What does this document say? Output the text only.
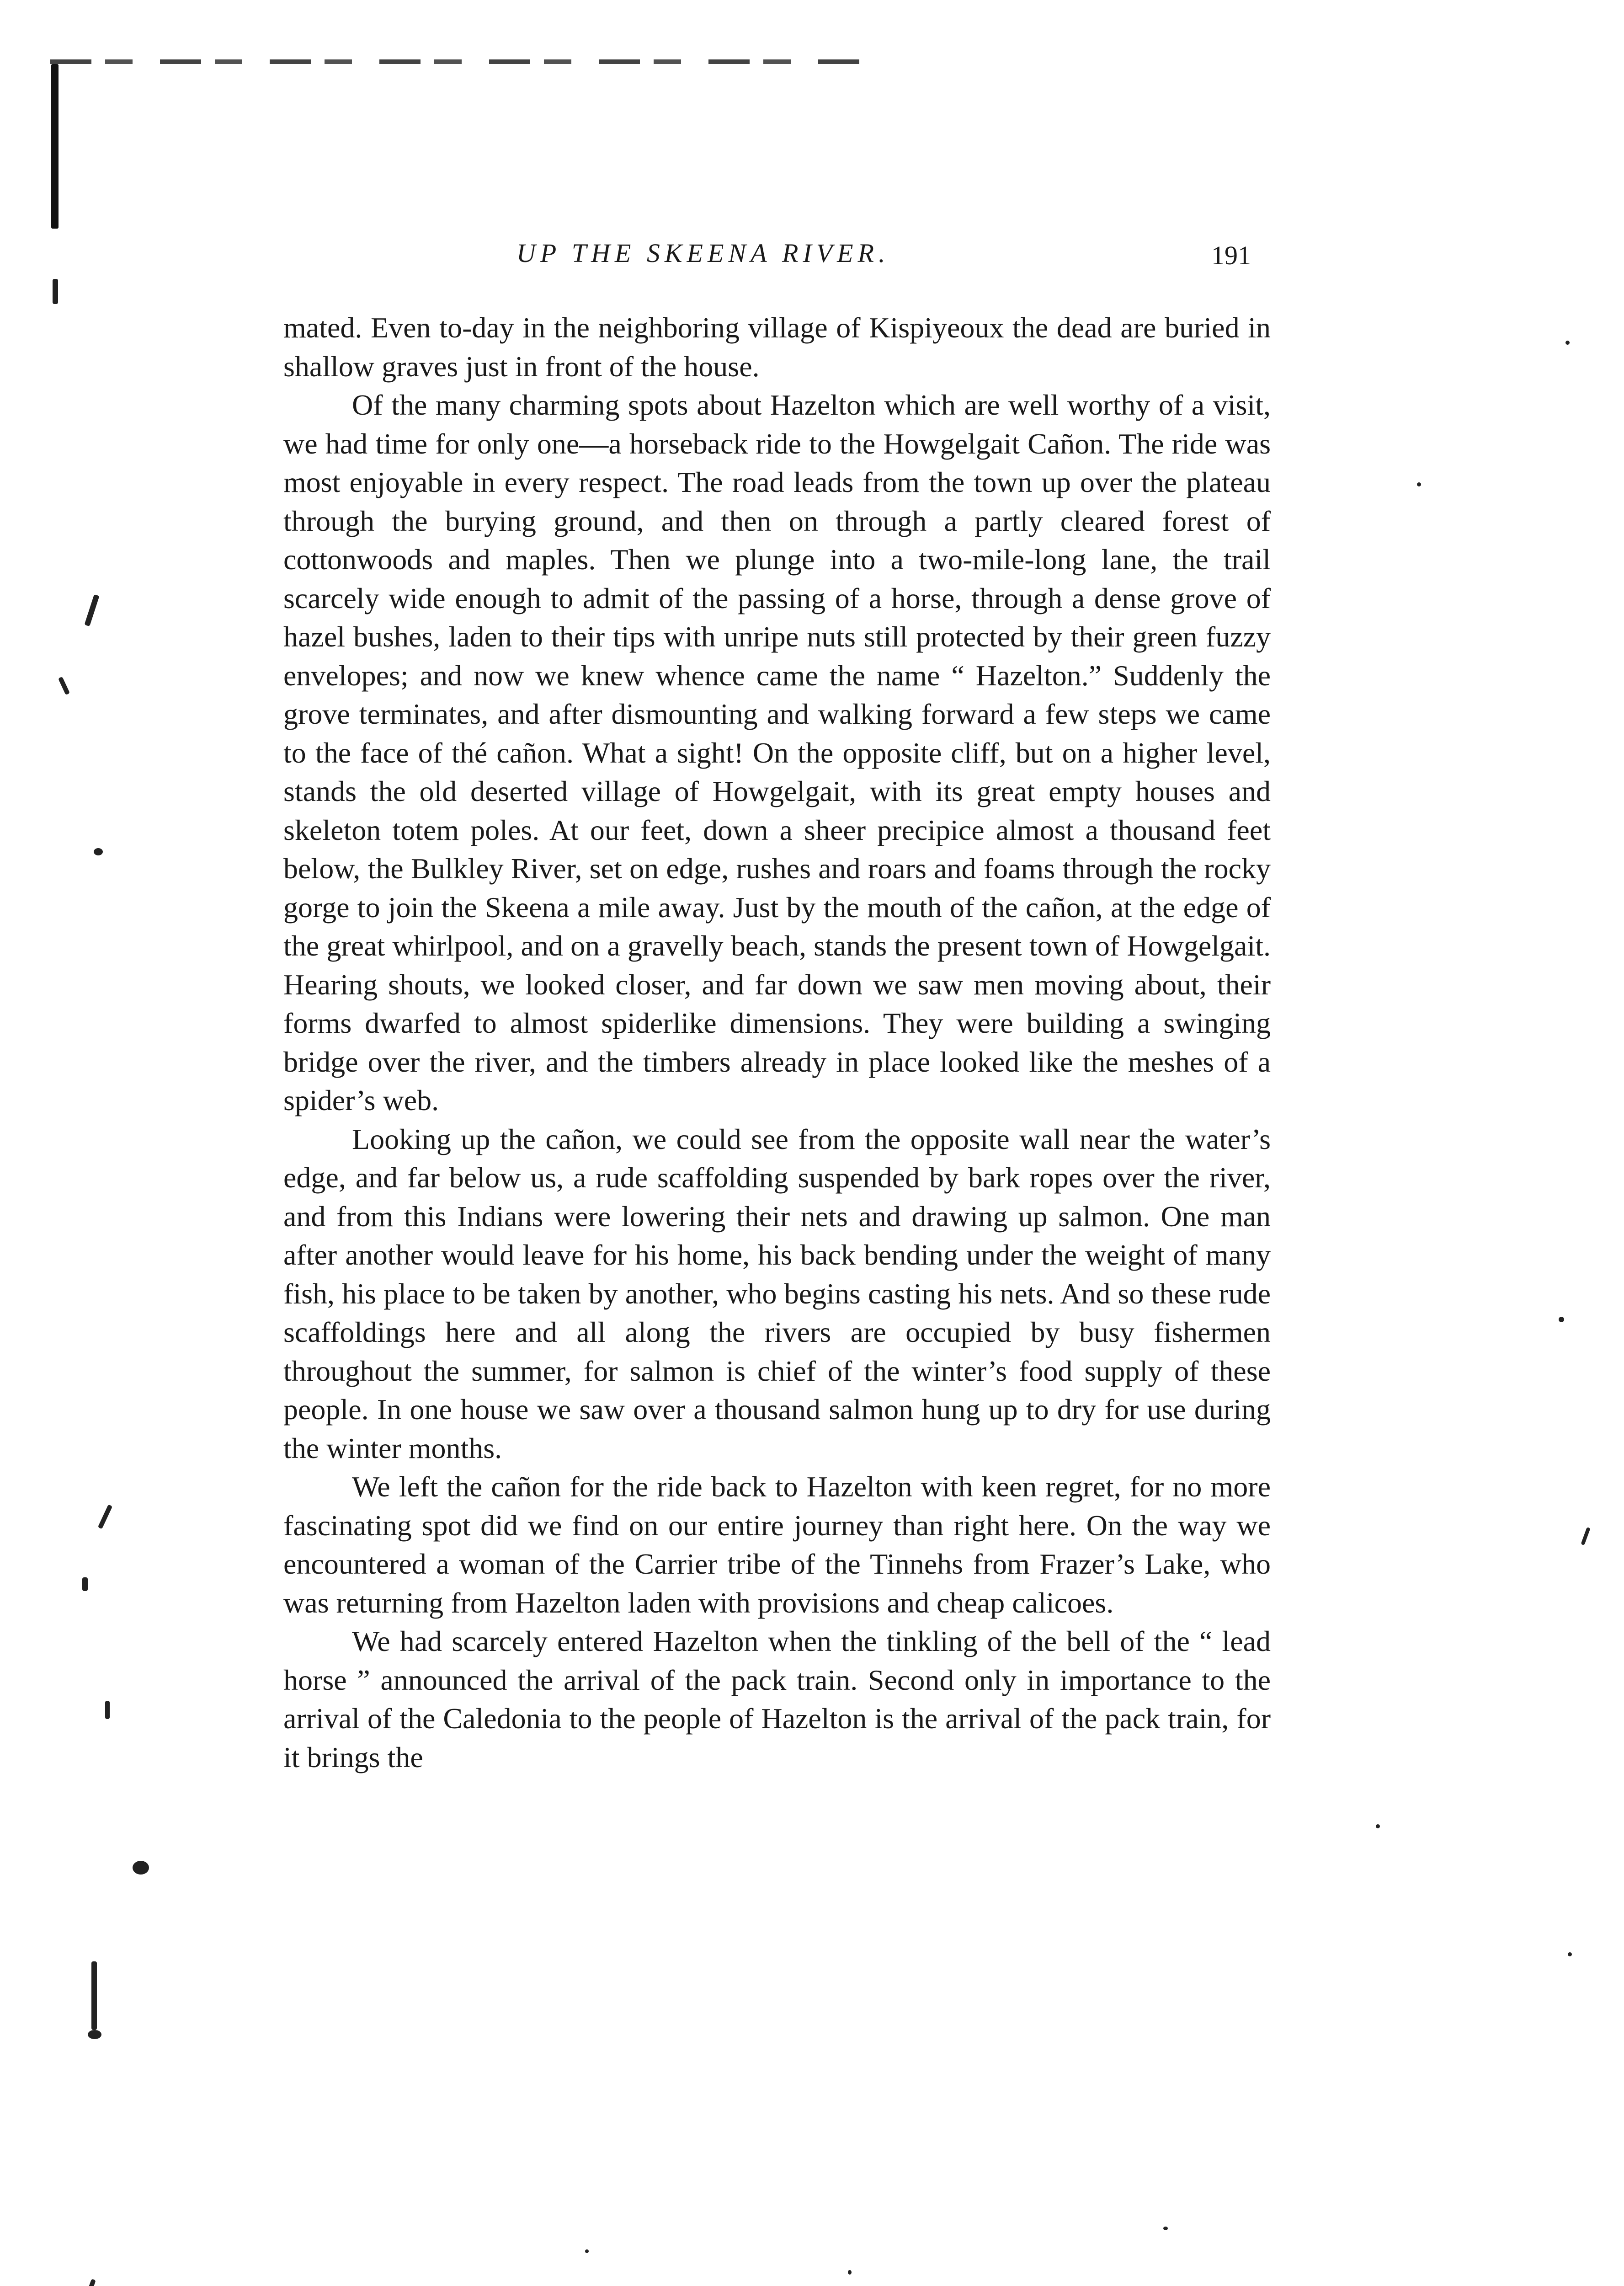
UP THE SKEENA RIVER.	191

mated. Even to-day in the neighboring village of Kispiyeoux the dead are buried in shallow graves just in front of the house.

Of the many charming spots about Hazelton which are well worthy of a visit, we had time for only one—a horseback ride to the Howgelgait Cañon. The ride was most enjoyable in every respect. The road leads from the town up over the plateau through the burying ground, and then on through a partly cleared forest of cottonwoods and maples. Then we plunge into a two-mile-long lane, the trail scarcely wide enough to admit of the passing of a horse, through a dense grove of hazel bushes, laden to their tips with unripe nuts still protected by their green fuzzy envelopes; and now we knew whence came the name “ Hazelton.” Suddenly the grove terminates, and after dismounting and walking forward a few steps we came to the face of thé cañon. What a sight! On the opposite cliff, but on a higher level, stands the old deserted village of Howgelgait, with its great empty houses and skeleton totem poles. At our feet, down a sheer precipice almost a thousand feet below, the Bulkley River, set on edge, rushes and roars and foams through the rocky gorge to join the Skeena a mile away. Just by the mouth of the cañon, at the edge of the great whirlpool, and on a gravelly beach, stands the present town of Howgelgait. Hearing shouts, we looked closer, and far down we saw men moving about, their forms dwarfed to almost spiderlike dimensions. They were building a swinging bridge over the river, and the timbers already in place looked like the meshes of a spider’s web.

Looking up the cañon, we could see from the opposite wall near the water’s edge, and far below us, a rude scaffolding suspended by bark ropes over the river, and from this Indians were lowering their nets and drawing up salmon. One man after another would leave for his home, his back bending under the weight of many fish, his place to be taken by another, who begins casting his nets. And so these rude scaffoldings here and all along the rivers are occupied by busy fishermen throughout the summer, for salmon is chief of the winter’s food supply of these people. In one house we saw over a thousand salmon hung up to dry for use during the winter months.

We left the cañon for the ride back to Hazelton with keen regret, for no more fascinating spot did we find on our entire journey than right here. On the way we encountered a woman of the Carrier tribe of the Tinnehs from Frazer’s Lake, who was returning from Hazelton laden with provisions and cheap calicoes.

We had scarcely entered Hazelton when the tinkling of the bell of the “ lead horse ” announced the arrival of the pack train. Second only in importance to the arrival of the Caledonia to the people of Hazelton is the arrival of the pack train, for it brings the
